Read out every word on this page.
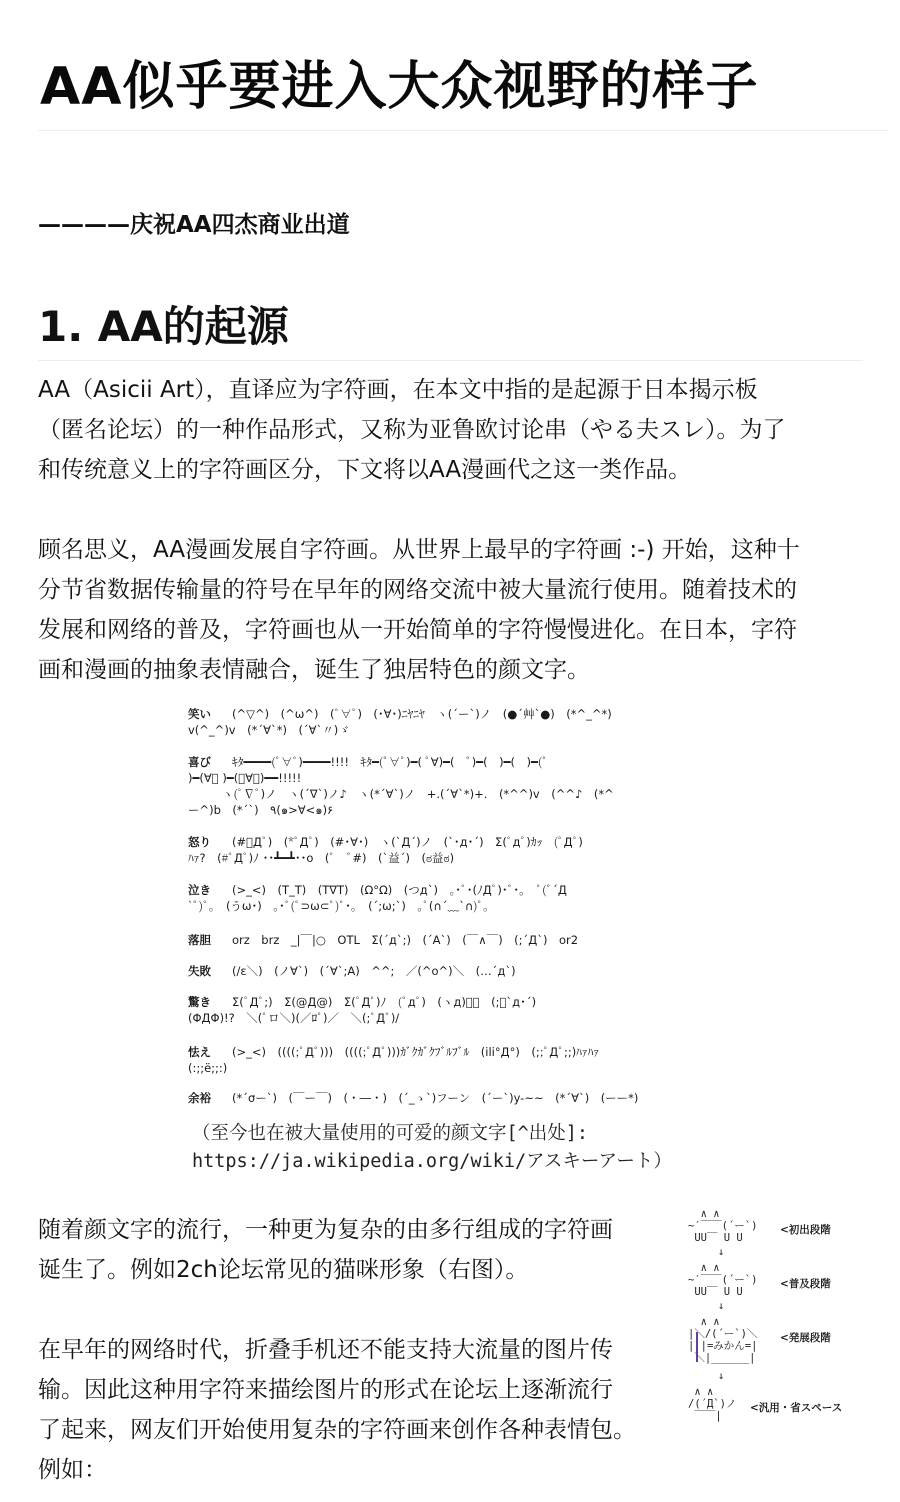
AA似乎要进入大众视野的样子

————庆祝AA四杰商业出道

1. AA的起源
AA（Asicii Art），直译应为字符画，在本文中指的是起源于日本揭示板
（匿名论坛）的一种作品形式，又称为亚鲁欧讨论串（やる夫スレ）。为了
和传统意义上的字符画区分，下文将以AA漫画代之这一类作品。
顾名思义，AA漫画发展自字符画。从世界上最早的字符画 :-) 开始，这种十
分节省数据传输量的符号在早年的网络交流中被大量流行使用。随着技术的
发展和网络的普及，字符画也从一开始简单的字符慢慢进化。在日本，字符
画和漫画的抽象表情融合，诞生了独居特色的颜文字。
笑い (^▽^)　(^ω^)　(ﾟ∀ﾟ)　(･∀･)ﾆﾔﾆﾔ　ヽ(´ー`)ノ　(●´艸`●)　(*^_^*)
v(^_^)v　(*´∀`*)　(´∀`〃)ゞ
喜び ｷﾀ━━━━(ﾟ∀ﾟ)━━━━!!!!　ｷﾀ━(ﾟ∀ﾟ)━( ﾟ∀)━(　ﾟ)━(　)━(　)━(ﾟ
)━(∀ﾟ )━(ﾟ∀ﾟ)━━!!!!!
ヽ(ﾟ∇ﾟ)ノ　ヽ(´∇`)ノ♪　ヽ(*´∀`)ノ　+.(´∀`*)+.　(*^^)v　(^^♪　(*^
ー^)b　(*´`)　٩(๑>∀<๑)۶
怒り (#ﾟДﾟ)　(*ﾟДﾟ)　(#･∀･)　ヽ(`Д´)ノ　(`･д･´)　Σ(ﾟдﾟ)ｶｯ　(ﾟДﾟ)
ﾊｧ?　(#ﾟДﾟ)ﾉ ･･┻━┻･･o　(ﾟ　ﾟ#)　(`益´)　(ಠ益ಠ)
泣き (>_<)　(T_T)　(T∇T)　(Ω°Ω)　(つд`)　｡･ﾟ･(ﾉДﾟ)･ﾟ･｡　ﾟ(ﾟ´Д
`ﾟ)ﾟ｡　(うω･)　｡･ﾟ(ﾟ⊃ω⊂ﾟ)ﾟ･｡　(´;ω;`)　｡ﾟ(∩´﹏`∩)ﾟ｡
落胆 orz　brz　_|￣|○　OTL　Σ(´д`;)　(´A`)　(￣∧￣)　(;´Д`)　or2
失敗 (/ε＼)　(ノ∀`)　(´∀`;A)　^^;　／(^o^)＼　(…´д`)
驚き Σ(ﾟДﾟ;)　Σ(@Д@)　Σ(ﾟДﾟ)ﾉ　(ﾟдﾟ)　(ヽд)ﾟﾟ　(;･`д･´)
(ΦДΦ)!?　＼(ﾟロ＼)(／ﾛﾟ)／　＼(;ﾟДﾟ)/
怯え (>_<)　((((;ﾟДﾟ)))　((((;ﾟДﾟ)))ｶﾞｸｶﾞｸﾌﾞﾙﾌﾞﾙ　(ili°Д°)　(;;ﾟДﾟ;;)ﾊｧﾊｧ
(:;;ë;;:)
余裕 (*´σー`)　(￣ー￣)　(・―・)　(´_ゝ`)フーン　(´ー`)y-~~　(*´∀`)　(ーー*)
（至今也在被大量使用的可爱的颜文字[^出处]:
https://ja.wikipedia.org/wiki/アスキーアート）
随着颜文字的流行，一种更为复杂的由多行组成的字符画
诞生了。例如2ch论坛常见的猫咪形象（右图）。
在早年的网络时代，折叠手机还不能支持大流量的图片传
输。因此这种用字符来描绘图片的形式在论坛上逐渐流行
了起来，网友们开始使用复杂的字符画来创作各种表情包。
例如：
∧ ∧
~′￣￣(´ー`)
UU￣ U U
<初出段階
↓
∧ ∧
~′￣￣(´ー`)
UU￣ U U
<普及段階
↓
∧ ∧
|＼/(´ー`)＼
| |=みかん=|
＼|______|
<発展段階
↓
∧ ∧
/(´Д`)ノ
￣￣|
<汎用・省スペース
